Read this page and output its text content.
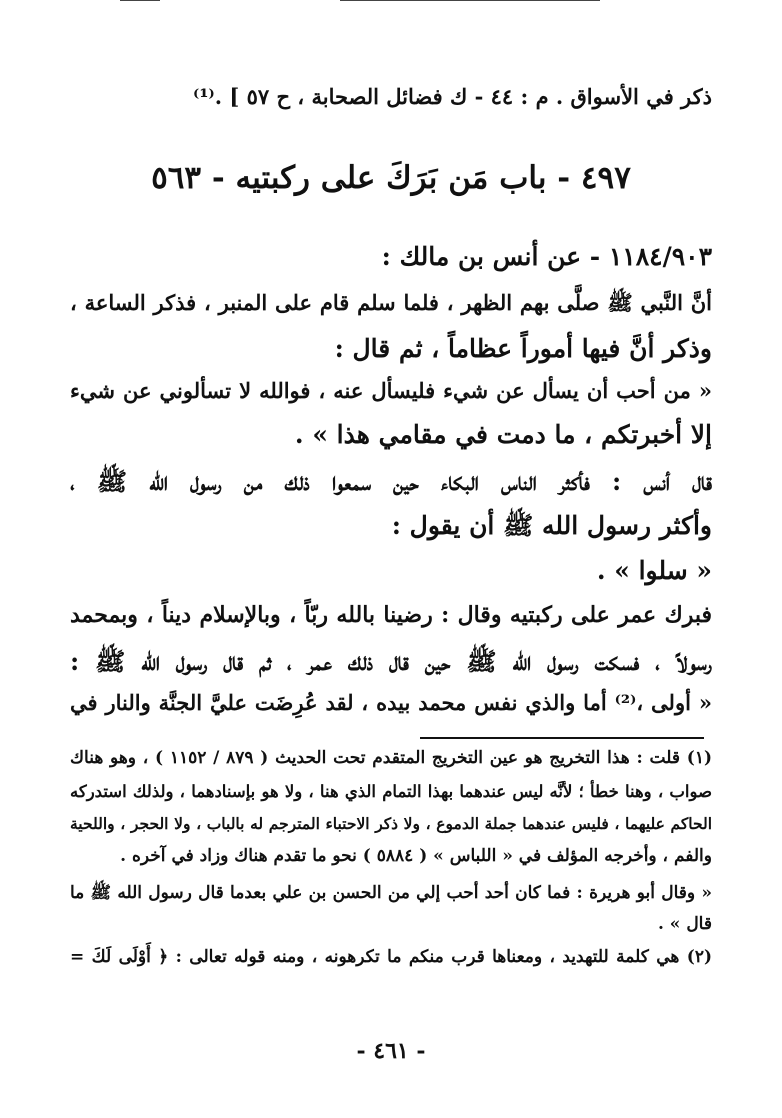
ذكر في الأسواق . م : ٤٤ - ك فضائل الصحابة ، ح ٥٧ ] .⁽¹⁾
٤٩٧ - باب مَن بَرَكَ على ركبتيه - ٥٦٣
١١٨٤/٩٠٣ - عن أنس بن مالك :
أنَّ النَّبي ﷺ صلَّى بهم الظهر ، فلما سلم قام على المنبر ، فذكر الساعة ،
وذكر أنَّ فيها أموراً عظاماً ، ثم قال :
« من أحب أن يسأل عن شيء فليسأل عنه ، فوالله لا تسألوني عن شيء
إلا أخبرتكم ، ما دمت في مقامي هذا » .
قال أنس : فأكثر الناس البكاء حين سمعوا ذلك من رسول الله ﷺ ،
وأكثر رسول الله ﷺ أن يقول :
« سلوا » .
فبرك عمر على ركبتيه وقال : رضينا بالله ربّاً ، وبالإسلام ديناً ، وبمحمد
رسولاً ، فسكت رسول الله ﷺ حين قال ذلك عمر ، ثم قال رسول الله ﷺ :
« أولى ،⁽²⁾ أما والذي نفس محمد بيده ، لقد عُرِضَت عليَّ الجنَّة والنار في
(١) قلت : هذا التخريج هو عين التخريج المتقدم تحت الحديث ( ٨٧٩ / ١١٥٢ ) ، وهو هناك
صواب ، وهنا خطأ ؛ لأنَّه ليس عندهما بهذا التمام الذي هنا ، ولا هو بإسنادهما ، ولذلك استدركه
الحاكم عليهما ، فليس عندهما جملة الدموع ، ولا ذكر الاحتباء المترجم له بالباب ، ولا الحجر ، واللحية
والفم ، وأخرجه المؤلف في « اللباس » ( ٥٨٨٤ ) نحو ما تقدم هناك وزاد في آخره .
« وقال أبو هريرة : فما كان أحد أحب إلي من الحسن بن علي بعدما قال رسول الله ﷺ ما
قال » .
(٢) هي كلمة للتهديد ، ومعناها قرب منكم ما تكرهونه ، ومنه قوله تعالى : ﴿ أَوْلَى لَكَ =
- ٤٦١ -
